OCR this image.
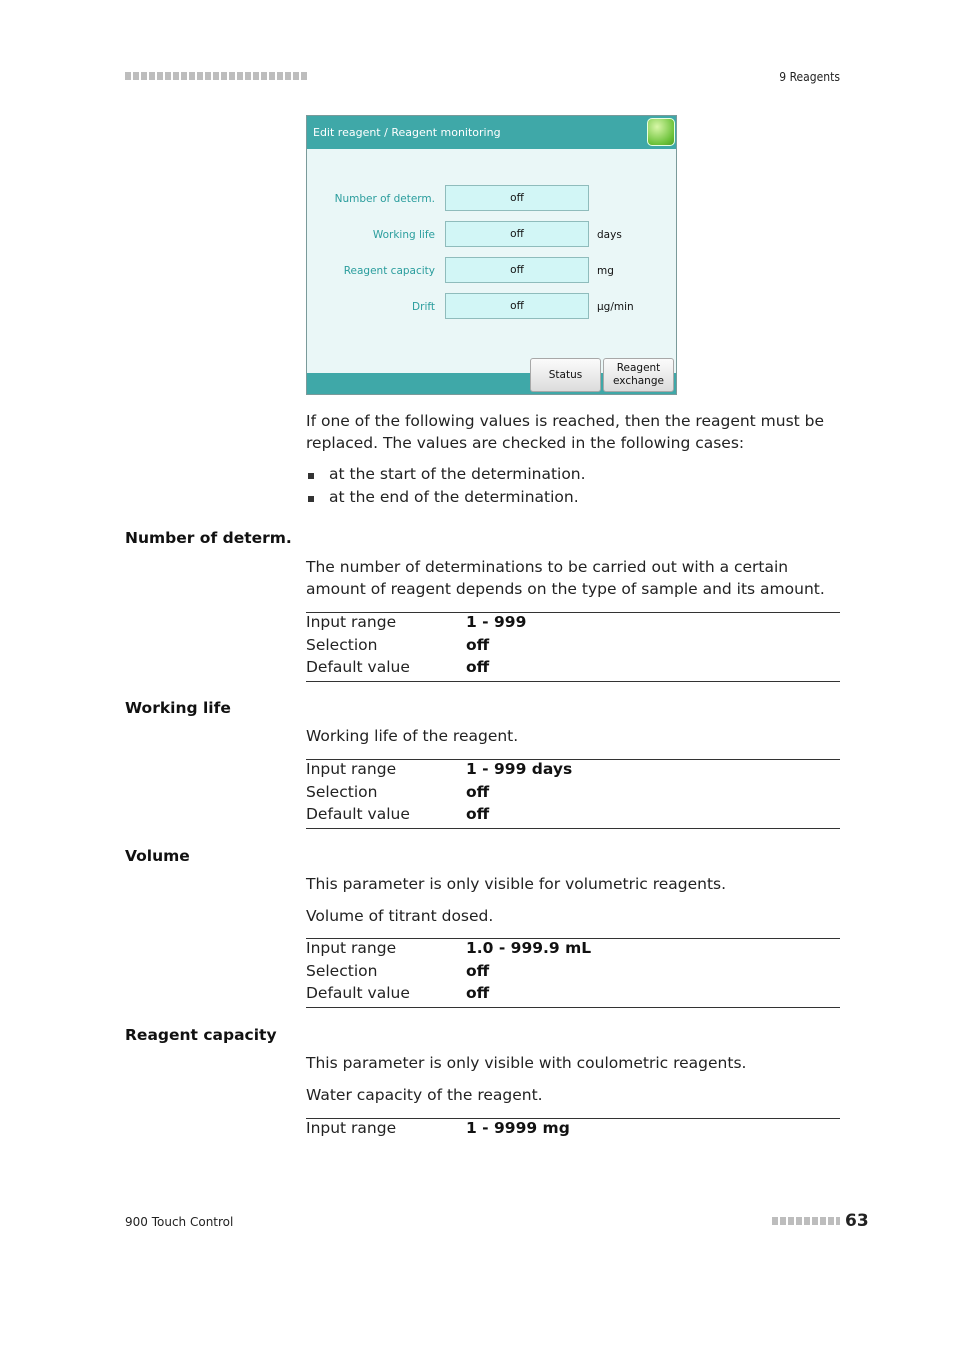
9 Reagents
Edit reagent / Reagent monitoring
Number of determ.	off
Working life	off	days
Reagent capacity	off	mg
Drift	off	µg/min
Status
Reagent
exchange
If one of the following values is reached, then the reagent must be replaced. The values are checked in the following cases:
at the start of the determination.
at the end of the determination.
Number of determ.
The number of determinations to be carried out with a certain amount of reagent depends on the type of sample and its amount.
Input range	1 - 999
Selection	off
Default value	off
Working life
Working life of the reagent.
Input range	1 - 999 days
Selection	off
Default value	off
Volume
This parameter is only visible for volumetric reagents.
Volume of titrant dosed.
Input range	1.0 - 999.9 mL
Selection	off
Default value	off
Reagent capacity
This parameter is only visible with coulometric reagents.
Water capacity of the reagent.
Input range	1 - 9999 mg
900 Touch Control	63
